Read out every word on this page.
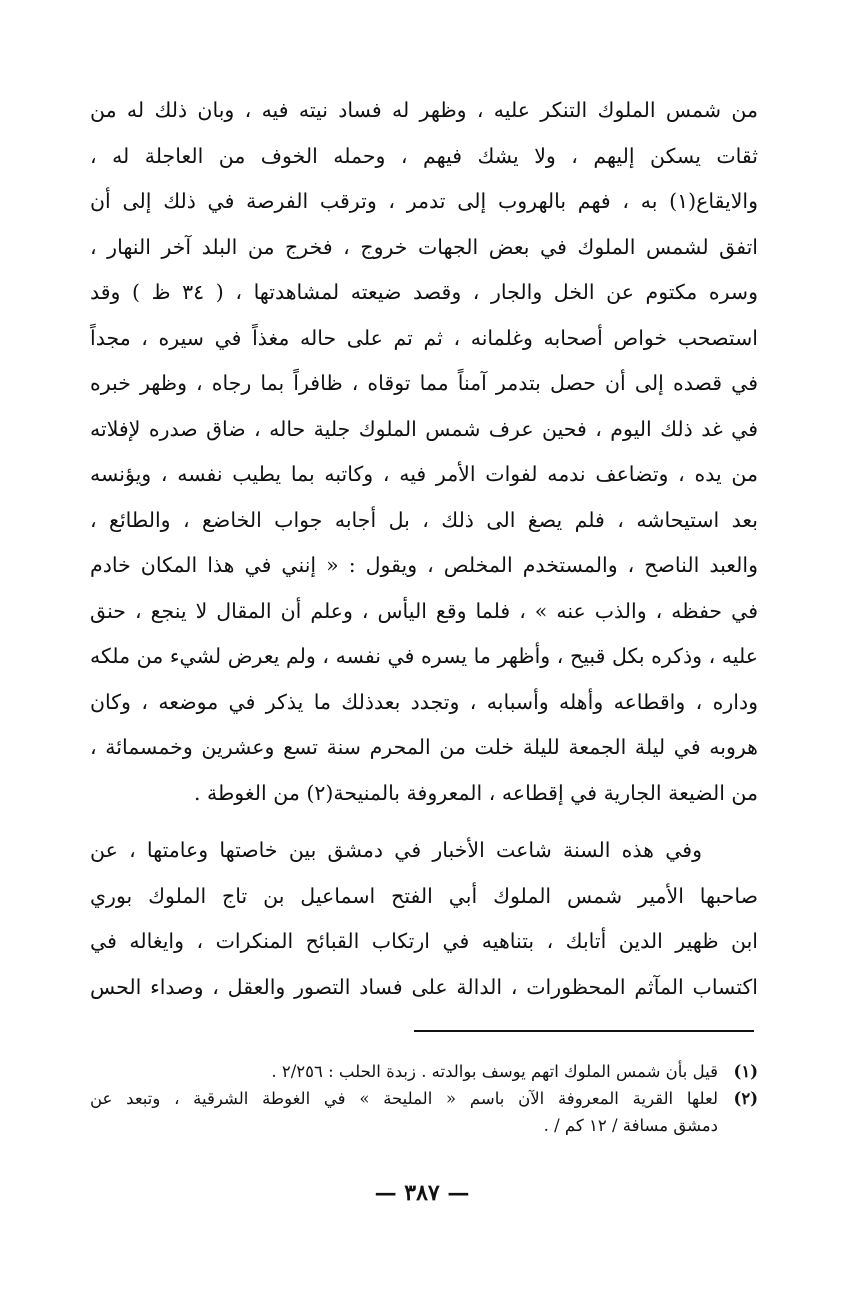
من شمس الملوك التنكر عليه ، وظهر له فساد نيته فيه ، وبان ذلك له من
ثقات يسكن إليهم ، ولا يشك فيهم ، وحمله الخوف من العاجلة له ،
والايقاع(١) به ، فهم بالهروب إلى تدمر ، وترقب الفرصة في ذلك إلى أن
اتفق لشمس الملوك في بعض الجهات خروج ، فخرج من البلد آخر النهار ،
وسره مكتوم عن الخل والجار ، وقصد ضيعته لمشاهدتها ، ( ٣٤ ظ ) وقد
استصحب خواص أصحابه وغلمانه ، ثم تم على حاله مغذاً في سيره ، مجداً
في قصده إلى أن حصل بتدمر آمناً مما توقاه ، ظافراً بما رجاه ، وظهر خبره
في غد ذلك اليوم ، فحين عرف شمس الملوك جلية حاله ، ضاق صدره لإفلاته
من يده ، وتضاعف ندمه لفوات الأمر فيه ، وكاتبه بما يطيب نفسه ، ويؤنسه
بعد استيحاشه ، فلم يصغ الى ذلك ، بل أجابه جواب الخاضع ، والطائع ،
والعبد الناصح ، والمستخدم المخلص ، ويقول : « إنني في هذا المكان خادم
في حفظه ، والذب عنه » ، فلما وقع اليأس ، وعلم أن المقال لا ينجع ، حنق
عليه ، وذكره بكل قبيح ، وأظهر ما يسره في نفسه ، ولم يعرض لشيء من ملكه
وداره ، واقطاعه وأهله وأسبابه ، وتجدد بعدذلك ما يذكر في موضعه ، وكان
هروبه في ليلة الجمعة لليلة خلت من المحرم سنة تسع وعشرين وخمسمائة ،
من الضيعة الجارية في إقطاعه ، المعروفة بالمنيحة(٢) من الغوطة .
وفي هذه السنة شاعت الأخبار في دمشق بين خاصتها وعامتها ، عن
صاحبها الأمير شمس الملوك أبي الفتح اسماعيل بن تاج الملوك بوري
ابن ظهير الدين أتابك ، بتناهيه في ارتكاب القبائح المنكرات ، وايغاله في
اكتساب المآثم المحظورات ، الدالة على فساد التصور والعقل ، وصداء الحس
(١)
قيل بأن شمس الملوك اتهم يوسف بوالدته . زبدة الحلب : ٢/٢٥٦ .
(٢)
لعلها القرية المعروفة الآن باسم « المليحة » في الغوطة الشرقية ، وتبعد عن
دمشق مسافة / ١٢ كم / .
— ٣٨٧ —
